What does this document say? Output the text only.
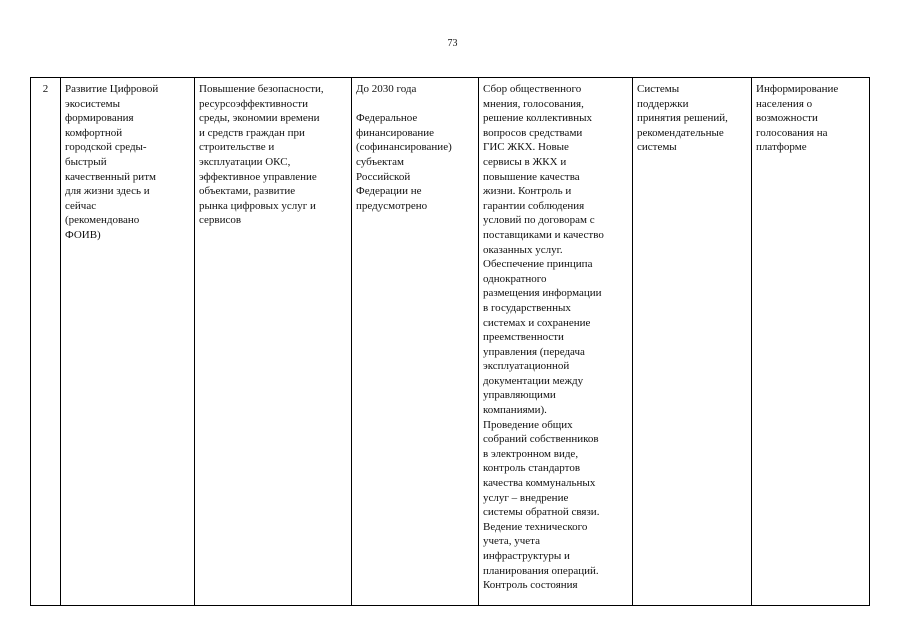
73
2	Развитие Цифровой
экосистемы
формирования
комфортной
городской среды-
быстрый
качественный ритм
для жизни здесь и
сейчас
(рекомендовано
ФОИВ)	Повышение безопасности,
ресурсоэффективности
среды, экономии времени
и средств граждан при
строительстве и
эксплуатации ОКС,
эффективное управление
объектами, развитие
рынка цифровых услуг и
сервисов	До 2030 года

Федеральное
финансирование
(софинансирование)
субъектам
Российской
Федерации не
предусмотрено	Сбор общественного
мнения, голосования,
решение коллективных
вопросов средствами
ГИС ЖКХ. Новые
сервисы в ЖКХ и
повышение качества
жизни. Контроль и
гарантии соблюдения
условий по договорам с
поставщиками и качество
оказанных услуг.
Обеспечение принципа
однократного
размещения информации
в государственных
системах и сохранение
преемственности
управления (передача
эксплуатационной
документации между
управляющими
компаниями).
Проведение общих
собраний собственников
в электронном виде,
контроль стандартов
качества коммунальных
услуг – внедрение
системы обратной связи.
Ведение технического
учета, учета
инфраструктуры и
планирования операций.
Контроль состояния	Системы
поддержки
принятия решений,
рекомендательные
системы	Информирование
населения о
возможности
голосования на
платформе
